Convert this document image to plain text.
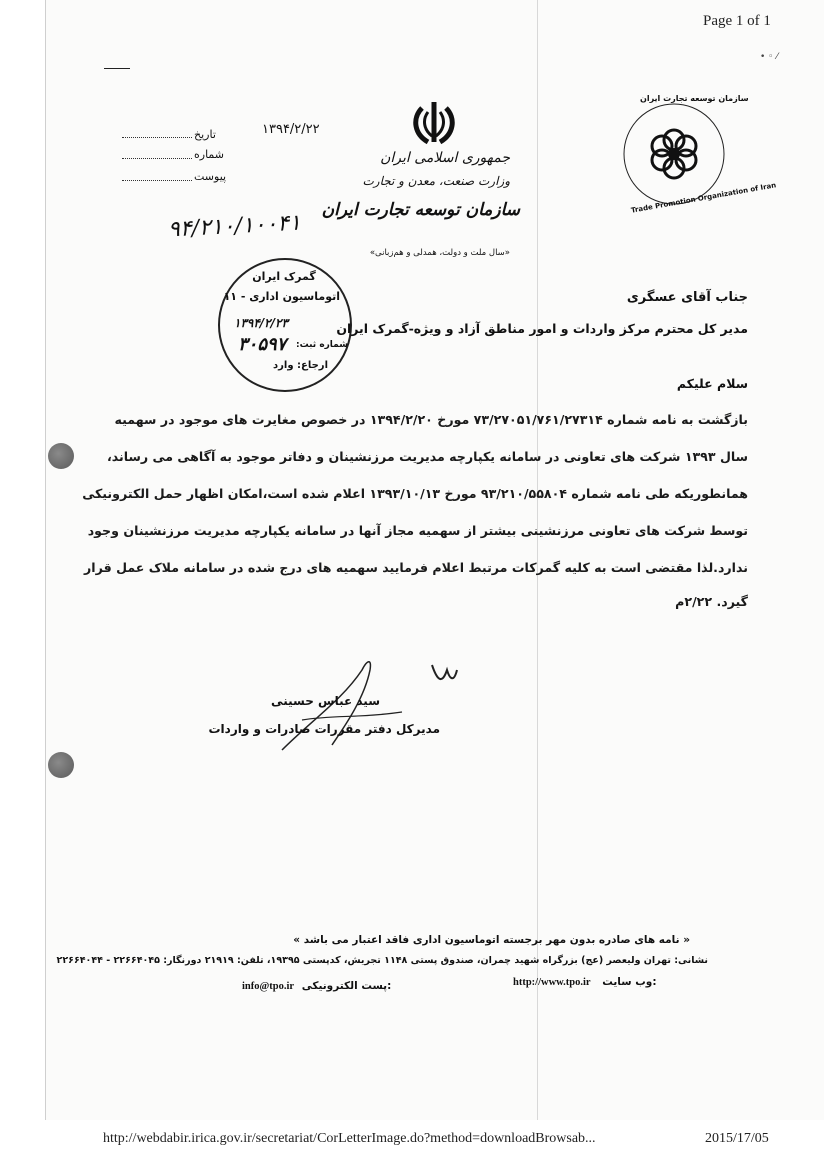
Page 1 of 1
• ◦ ⁄
Trade Promotion Organization of Iran
سازمان توسعه تجارت ایران
جمهوری اسلامی ایران
وزارت صنعت، معدن و تجارت
سازمان توسعه تجارت ایران
«سال ملت و دولت، همدلی و هم‌زبانی»
تاریخ
شماره
پیوست
۱۳۹۴/۲/۲۲
۹۴/۲۱۰/۱۰۰۴۱
گمرک ایران
اتوماسیون اداری - ۱۱
۱۳۹۴/۲/۲۳
۳۰۵۹۷ شماره ثبت:
ارجاع: وارد
جناب آقای عسگری
مدیر کل محترم مرکز واردات و امور مناطق آزاد و ویژه-گمرک ایران
سلام علیکم
بازگشت به نامه شماره ۷۳/۲۷۰۵۱/۷۶۱/۲۷۳۱۴ مورخ ۱۳۹۴/۲/۲۰ در خصوص مغایرت های موجود در سهمیه
سال ۱۳۹۳ شرکت های تعاونی در سامانه یکپارچه مدیریت مرزنشینان و دفاتر موجود به آگاهی می رساند،
همانطوریکه طی نامه شماره ۹۳/۲۱۰/۵۵۸۰۴ مورخ ۱۳۹۳/۱۰/۱۳ اعلام شده است،امکان اظهار حمل الکترونیکی
توسط شرکت های تعاونی مرزنشینی بیشتر از سهمیه مجاز آنها در سامانه یکپارچه مدیریت مرزنشینان وجود
ندارد.لذا مقتضی است به کلیه گمرکات مرتبط اعلام فرمایید سهمیه های درج شده در سامانه ملاک عمل قرار
گیرد. ۲/۲۲م
سید عباس حسینی
مدیرکل دفتر مقررات صادرات و واردات
« نامه های صادره بدون مهر برجسته اتوماسیون اداری فاقد اعتبار می باشد »
نشانی: تهران ولیعصر (عج) بزرگراه شهید چمران، صندوق پستی ۱۱۴۸ تجریش، کدپستی ۱۹۳۹۵، تلفن: ۲۱۹۱۹ دورنگار: ۲۲۶۶۴۰۴۵ - ۲۲۶۶۴۰۴۴
http://www.tpo.ir وب سایت:
info@tpo.ir پست الکترونیکی:
http://webdabir.irica.gov.ir/secretariat/CorLetterImage.do?method=downloadBrowsab...	2015/17/05
